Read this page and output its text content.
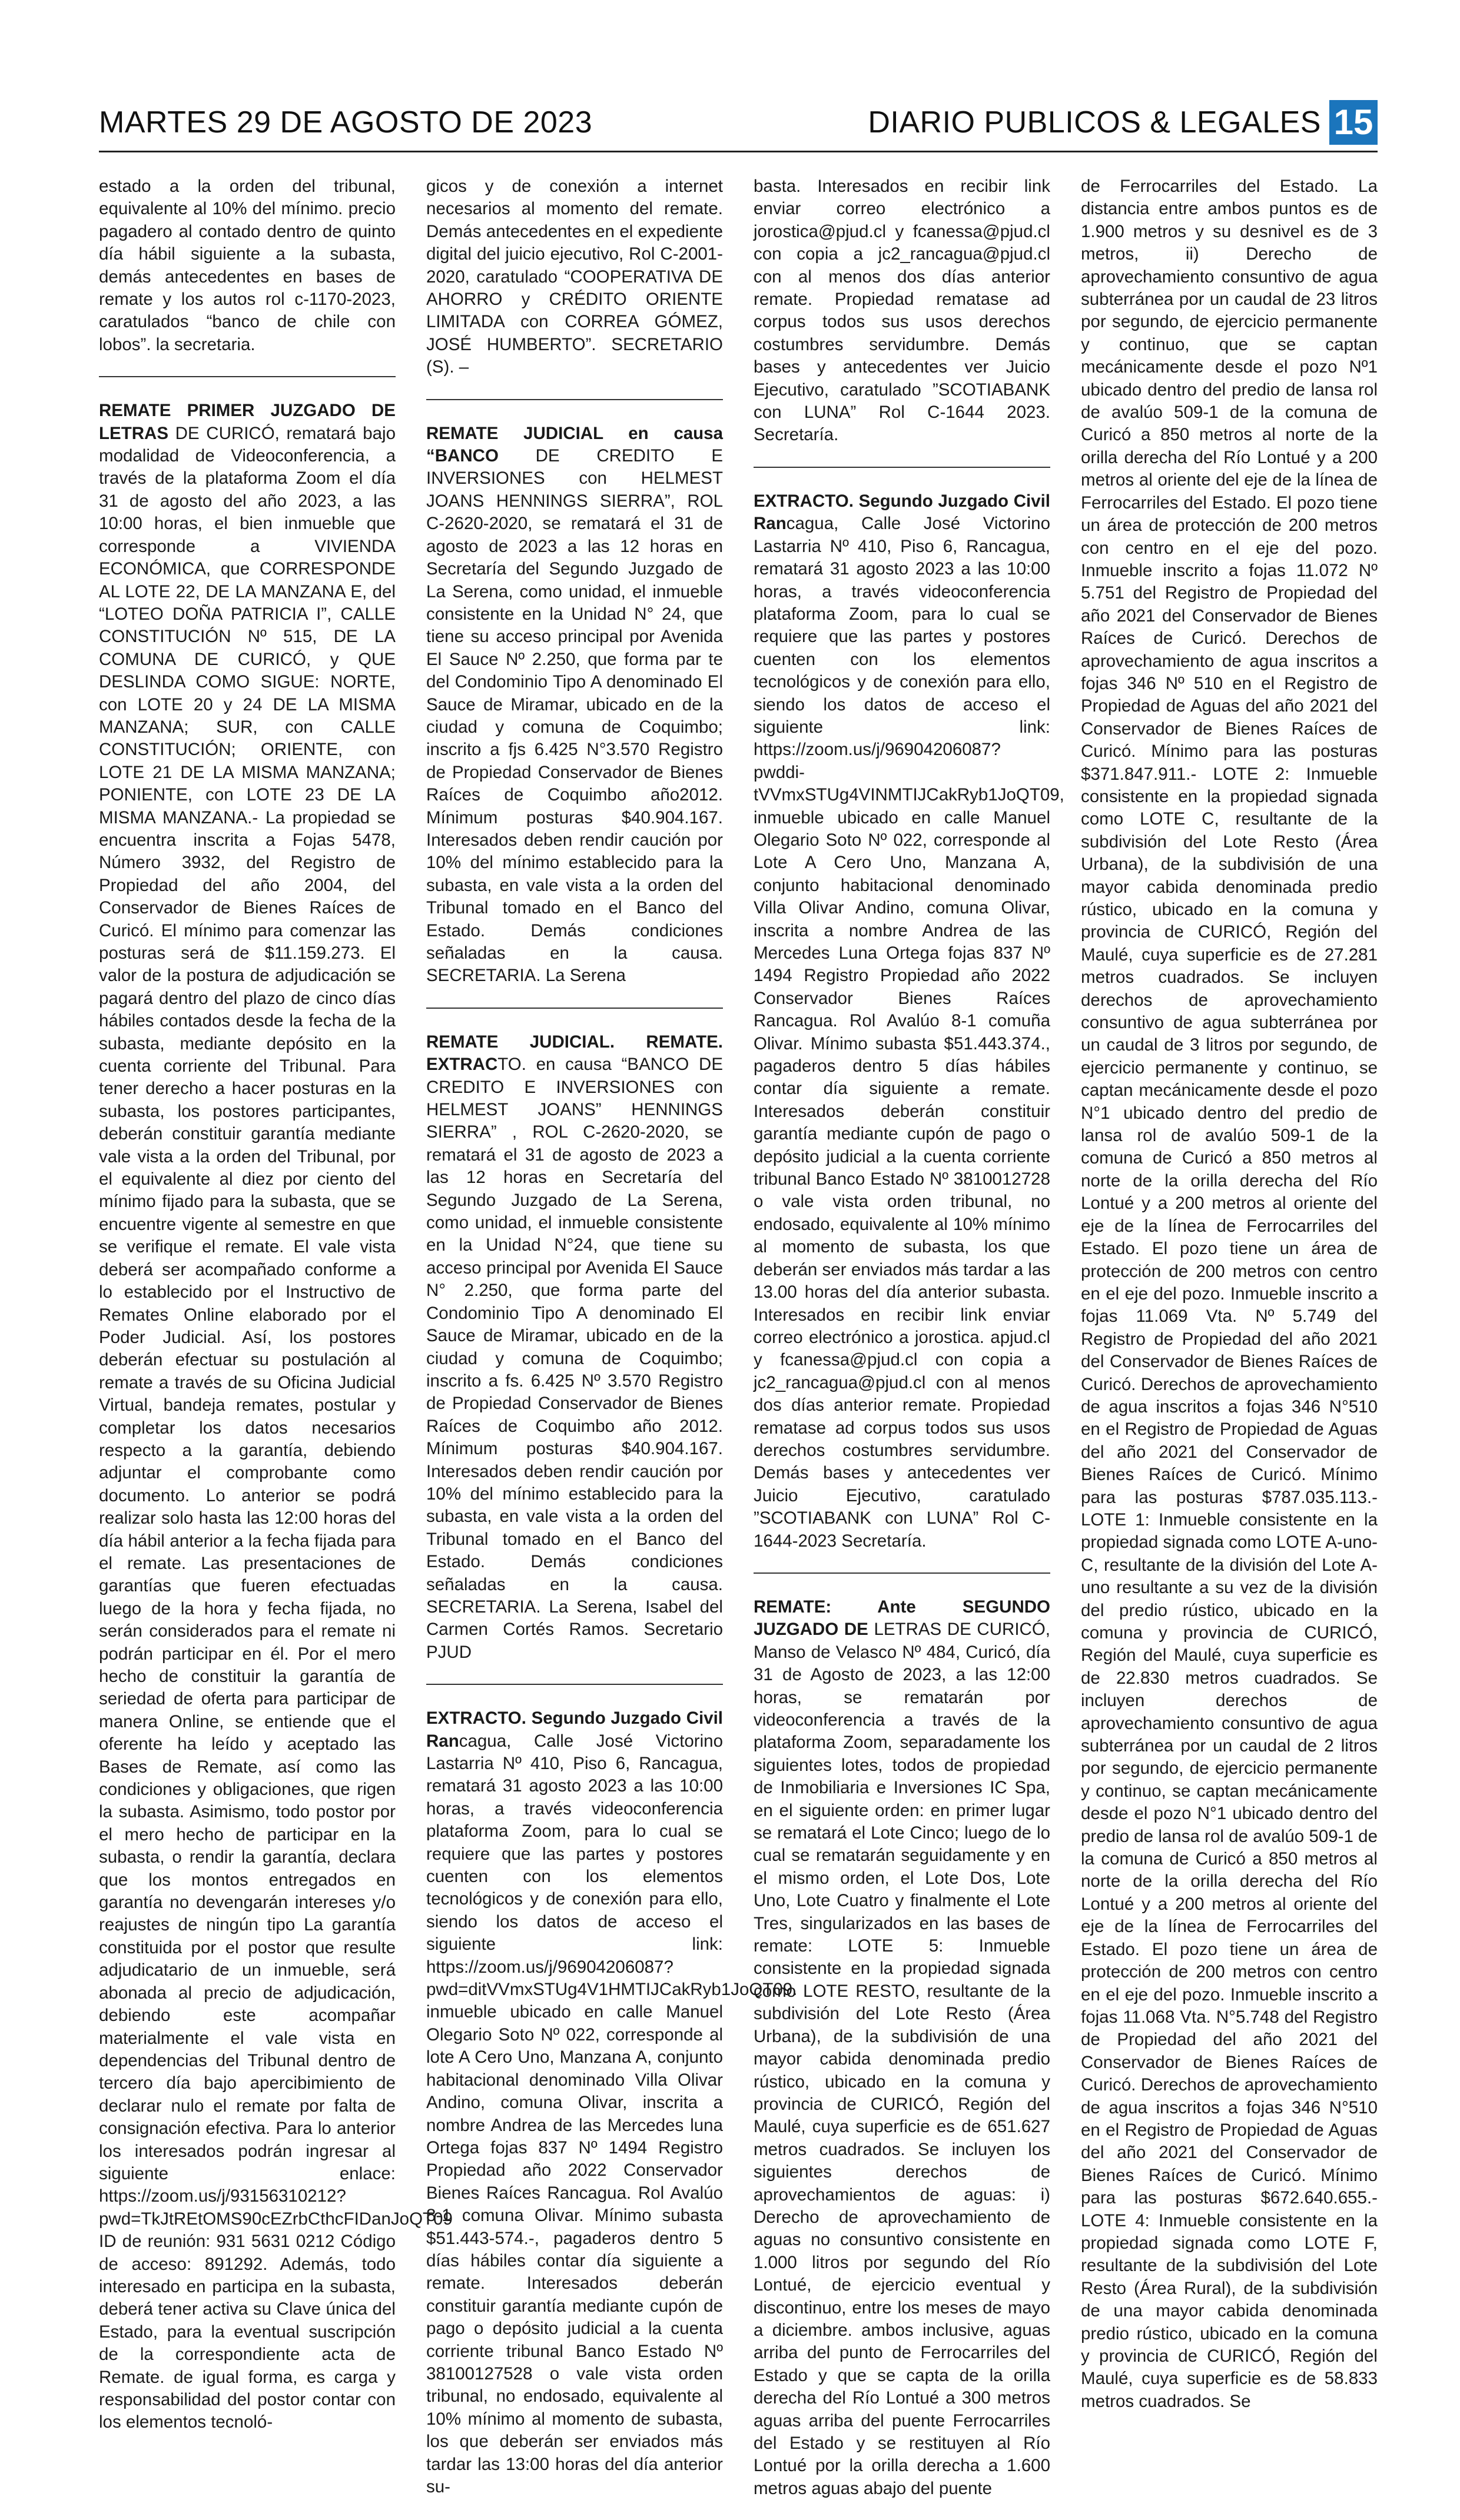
MARTES 29 DE AGOSTO DE 2023	DIARIO PUBLICOS & LEGALES 15

estado a la orden del tribunal, equivalente al 10% del mínimo. precio pagadero al contado dentro de quinto día hábil siguiente a la subasta, demás antecedentes en bases de remate y los autos rol c-1170-2023, caratulados “banco de chile con lobos”. la secretaria.

REMATE PRIMER JUZGADO DE LETRAS DE CURICÓ, rematará bajo modalidad de Videoconferencia, a través de la plataforma Zoom el día 31 de agosto del año 2023, a las 10:00 horas, el bien inmueble que corresponde a VIVIENDA ECONÓMICA, que CORRESPONDE AL LOTE 22, DE LA MANZANA E, del “LOTEO DOÑA PATRICIA I”, CALLE CONSTITUCIÓN Nº 515, DE LA COMUNA DE CURICÓ, y QUE DESLINDA COMO SIGUE: NORTE, con LOTE 20 y 24 DE LA MISMA MANZANA; SUR, con CALLE CONSTITUCIÓN; ORIENTE, con LOTE 21 DE LA MISMA MANZANA; PONIENTE, con LOTE 23 DE LA MISMA MANZANA.- La propiedad se encuentra inscrita a Fojas 5478, Número 3932, del Registro de Propiedad del año 2004, del Conservador de Bienes Raíces de Curicó. El mínimo para comenzar las posturas será de $11.159.273. El valor de la postura de adjudicación se pagará dentro del plazo de cinco días hábiles contados desde la fecha de la subasta, mediante depósito en la cuenta corriente del Tribunal. Para tener derecho a hacer posturas en la subasta, los postores participantes, deberán constituir garantía mediante vale vista a la orden del Tribunal, por el equivalente al diez por ciento del mínimo fijado para la subasta, que se encuentre vigente al semestre en que se verifique el remate. El vale vista deberá ser acompañado conforme a lo establecido por el Instructivo de Remates Online elaborado por el Poder Judicial. Así, los postores deberán efectuar su postulación al remate a través de su Oficina Judicial Virtual, bandeja remates, postular y completar los datos necesarios respecto a la garantía, debiendo adjuntar el comprobante como documento. Lo anterior se podrá realizar solo hasta las 12:00 horas del día hábil anterior a la fecha fijada para el remate. Las presentaciones de garantías que fueren efectuadas luego de la hora y fecha fijada, no serán considerados para el remate ni podrán participar en él. Por el mero hecho de constituir la garantía de seriedad de oferta para participar de manera Online, se entiende que el oferente ha leído y aceptado las Bases de Remate, así como las condiciones y obligaciones, que rigen la subasta. Asimismo, todo postor por el mero hecho de participar en la subasta, o rendir la garantía, declara que los montos entregados en garantía no devengarán intereses y/o reajustes de ningún tipo La garantía constituida por el postor que resulte adjudicatario de un inmueble, será abonada al precio de adjudicación, debiendo este acompañar materialmente el vale vista en dependencias del Tribunal dentro de tercero día bajo apercibimiento de declarar nulo el remate por falta de consignación efectiva. Para lo anterior los interesados podrán ingresar al siguiente enlace: https://zoom.us/j/93156310212?pwd=TkJtREtOMS90cEZrbCthcFIDanJoQT09 ID de reunión: 931 5631 0212 Código de acceso: 891292. Además, todo interesado en participa en la subasta, deberá tener activa su Clave única del Estado, para la eventual suscripción de la correspondiente acta de Remate. de igual forma, es carga y responsabilidad del postor contar con los elementos tecnoló-

gicos y de conexión a internet necesarios al momento del remate. Demás antecedentes en el expediente digital del juicio ejecutivo, Rol C-2001-2020, caratulado “COOPERATIVA DE AHORRO y CRÉDITO ORIENTE LIMITADA con CORREA GÓMEZ, JOSÉ HUMBERTO”. SECRETARIO (S). –

REMATE JUDICIAL en causa “BANCO DE CREDITO E INVERSIONES con HELMEST JOANS HENNINGS SIERRA”, ROL C-2620-2020, se rematará el 31 de agosto de 2023 a las 12 horas en Secretaría del Segundo Juzgado de La Serena, como unidad, el inmueble consistente en la Unidad N° 24, que tiene su acceso principal por Avenida El Sauce Nº 2.250, que forma par te del Condominio Tipo A denominado El Sauce de Miramar, ubicado en de la ciudad y comuna de Coquimbo; inscrito a fjs 6.425 N°3.570 Registro de Propiedad Conservador de Bienes Raíces de Coquimbo año2012. Mínimum posturas $40.904.167. Interesados deben rendir caución por 10% del mínimo establecido para la subasta, en vale vista a la orden del Tribunal tomado en el Banco del Estado. Demás condiciones señaladas en la causa. SECRETARIA. La Serena

REMATE JUDICIAL. REMATE. EXTRACTO. en causa “BANCO DE CREDITO E INVERSIONES con HELMEST JOANS” HENNINGS SIERRA” , ROL C-2620-2020, se rematará el 31 de agosto de 2023 a las 12 horas en Secretaría del Segundo Juzgado de La Serena, como unidad, el inmueble consistente en la Unidad N°24, que tiene su acceso principal por Avenida El Sauce N° 2.250, que forma parte del Condominio Tipo A denominado El Sauce de Miramar, ubicado en de la ciudad y comuna de Coquimbo; inscrito a fs. 6.425 Nº 3.570 Registro de Propiedad Conservador de Bienes Raíces de Coquimbo año 2012. Mínimum posturas $40.904.167. Interesados deben rendir caución por 10% del mínimo establecido para la subasta, en vale vista a la orden del Tribunal tomado en el Banco del Estado. Demás condiciones señaladas en la causa. SECRETARIA. La Serena, Isabel del Carmen Cortés Ramos. Secretario PJUD

EXTRACTO. Segundo Juzgado Civil Rancagua, Calle José Victorino Lastarria Nº 410, Piso 6, Rancagua, rematará 31 agosto 2023 a las 10:00 horas, a través videoconferencia plataforma Zoom, para lo cual se requiere que las partes y postores cuenten con los elementos tecnológicos y de conexión para ello, siendo los datos de acceso el siguiente link: https://zoom.us/j/96904206087?pwd=ditVVmxSTUg4V1HMTIJCakRyb1JoQT09. inmueble ubicado en calle Manuel Olegario Soto Nº 022, corresponde al lote A Cero Uno, Manzana A, conjunto habitacional denominado Villa Olivar Andino, comuna Olivar, inscrita a nombre Andrea de las Mercedes luna Ortega fojas 837 Nº 1494 Registro Propiedad año 2022 Conservador Bienes Raíces Rancagua. Rol Avalúo 8-1 comuna Olivar. Mínimo subasta $51.443-574.-, pagaderos dentro 5 días hábiles contar día siguiente a remate. Interesados deberán constituir garantía mediante cupón de pago o depósito judicial a la cuenta corriente tribunal Banco Estado Nº 38100127528 o vale vista orden tribunal, no endosado, equivalente al 10% mínimo al momento de subasta, los que deberán ser enviados más tardar las 13:00 horas del día anterior su-

basta. Interesados en recibir link enviar correo electrónico a jorostica@pjud.cl y fcanessa@pjud.cl con copia a jc2_rancagua@pjud.cl con al menos dos días anterior remate. Propiedad rematase ad corpus todos sus usos derechos costumbres servidumbre. Demás bases y antecedentes ver Juicio Ejecutivo, caratulado ”SCOTIABANK con LUNA” Rol C-1644 2023. Secretaría.

EXTRACTO. Segundo Juzgado Civil Rancagua, Calle José Victorino Lastarria Nº 410, Piso 6, Rancagua, rematará 31 agosto 2023 a las 10:00 horas, a través videoconferencia plataforma Zoom, para lo cual se requiere que las partes y postores cuenten con los elementos tecnológicos y de conexión para ello, siendo los datos de acceso el siguiente link: https://zoom.us/j/96904206087?pwddi-tVVmxSTUg4VINMTIJCakRyb1JoQT09, inmueble ubicado en calle Manuel Olegario Soto Nº 022, corresponde al Lote A Cero Uno, Manzana A, conjunto habitacional denominado Villa Olivar Andino, comuna Olivar, inscrita a nombre Andrea de las Mercedes Luna Ortega fojas 837 Nº 1494 Registro Propiedad año 2022 Conservador Bienes Raíces Rancagua. Rol Avalúo 8-1 comuña Olivar. Mínimo subasta $51.443.374., pagaderos dentro 5 días hábiles contar día siguiente a remate. Interesados deberán constituir garantía mediante cupón de pago o depósito judicial a la cuenta corriente tribunal Banco Estado Nº 3810012728 o vale vista orden tribunal, no endosado, equivalente al 10% mínimo al momento de subasta, los que deberán ser enviados más tardar a las 13.00 horas del día anterior subasta. Interesados en recibir link enviar correo electrónico a jorostica. apjud.cl y fcanessa@pjud.cl con copia a jc2_rancagua@pjud.cl con al menos dos días anterior remate. Propiedad rematase ad corpus todos sus usos derechos costumbres servidumbre. Demás bases y antecedentes ver Juicio Ejecutivo, caratulado ”SCOTIABANK con LUNA” Rol C-1644-2023 Secretaría.

REMATE: Ante SEGUNDO JUZGADO DE LETRAS DE CURICÓ, Manso de Velasco Nº 484, Curicó, día 31 de Agosto de 2023, a las 12:00 horas, se rematarán por videoconferencia a través de la plataforma Zoom, separadamente los siguientes lotes, todos de propiedad de Inmobiliaria e Inversiones IC Spa, en el siguiente orden: en primer lugar se rematará el Lote Cinco; luego de lo cual se rematarán seguidamente y en el mismo orden, el Lote Dos, Lote Uno, Lote Cuatro y finalmente el Lote Tres, singularizados en las bases de remate: LOTE 5: Inmueble consistente en la propiedad signada como LOTE RESTO, resultante de la subdivisión del Lote Resto (Área Urbana), de la subdivisión de una mayor cabida denominada predio rústico, ubicado en la comuna y provincia de CURICÓ, Región del Maulé, cuya superficie es de 651.627 metros cuadrados. Se incluyen los siguientes derechos de aprovechamientos de aguas: i) Derecho de aprovechamiento de aguas no consuntivo consistente en 1.000 litros por segundo del Río Lontué, de ejercicio eventual y discontinuo, entre los meses de mayo a diciembre. ambos inclusive, aguas arriba del punto de Ferrocarriles del Estado y que se capta de la orilla derecha del Río Lontué a 300 metros aguas arriba del puente Ferrocarriles del Estado y se restituyen al Río Lontué por la orilla derecha a 1.600 metros aguas abajo del puente

de Ferrocarriles del Estado. La distancia entre ambos puntos es de 1.900 metros y su desnivel es de 3 metros, ii) Derecho de aprovechamiento consuntivo de agua subterránea por un caudal de 23 litros por segundo, de ejercicio permanente y continuo, que se captan mecánicamente desde el pozo Nº1 ubicado dentro del predio de lansa rol de avalúo 509-1 de la comuna de Curicó a 850 metros al norte de la orilla derecha del Río Lontué y a 200 metros al oriente del eje de la línea de Ferrocarriles del Estado. El pozo tiene un área de protección de 200 metros con centro en el eje del pozo. Inmueble inscrito a fojas 11.072 Nº 5.751 del Registro de Propiedad del año 2021 del Conservador de Bienes Raíces de Curicó. Derechos de aprovechamiento de agua inscritos a fojas 346 Nº 510 en el Registro de Propiedad de Aguas del año 2021 del Conservador de Bienes Raíces de Curicó. Mínimo para las posturas $371.847.911.- LOTE 2: Inmueble consistente en la propiedad signada como LOTE C, resultante de la subdivisión del Lote Resto (Área Urbana), de la subdivisión de una mayor cabida denominada predio rústico, ubicado en la comuna y provincia de CURICÓ, Región del Maulé, cuya superficie es de 27.281 metros cuadrados. Se incluyen derechos de aprovechamiento consuntivo de agua subterránea por un caudal de 3 litros por segundo, de ejercicio permanente y continuo, se captan mecánicamente desde el pozo N°1 ubicado dentro del predio de lansa rol de avalúo 509-1 de la comuna de Curicó a 850 metros al norte de la orilla derecha del Río Lontué y a 200 metros al oriente del eje de la línea de Ferrocarriles del Estado. El pozo tiene un área de protección de 200 metros con centro en el eje del pozo. Inmueble inscrito a fojas 11.069 Vta. Nº 5.749 del Registro de Propiedad del año 2021 del Conservador de Bienes Raíces de Curicó. Derechos de aprovechamiento de agua inscritos a fojas 346 N°510 en el Registro de Propiedad de Aguas del año 2021 del Conservador de Bienes Raíces de Curicó. Mínimo para las posturas $787.035.113.- LOTE 1: Inmueble consistente en la propiedad signada como LOTE A-uno-C, resultante de la división del Lote A-uno resultante a su vez de la división del predio rústico, ubicado en la comuna y provincia de CURICÓ, Región del Maulé, cuya superficie es de 22.830 metros cuadrados. Se incluyen derechos de aprovechamiento consuntivo de agua subterránea por un caudal de 2 litros por segundo, de ejercicio permanente y continuo, se captan mecánicamente desde el pozo N°1 ubicado dentro del predio de lansa rol de avalúo 509-1 de la comuna de Curicó a 850 metros al norte de la orilla derecha del Río Lontué y a 200 metros al oriente del eje de la línea de Ferrocarriles del Estado. El pozo tiene un área de protección de 200 metros con centro en el eje del pozo. Inmueble inscrito a fojas 11.068 Vta. N°5.748 del Registro de Propiedad del año 2021 del Conservador de Bienes Raíces de Curicó. Derechos de aprovechamiento de agua inscritos a fojas 346 N°510 en el Registro de Propiedad de Aguas del año 2021 del Conservador de Bienes Raíces de Curicó. Mínimo para las posturas $672.640.655.- LOTE 4: Inmueble consistente en la propiedad signada como LOTE F, resultante de la subdivisión del Lote Resto (Área Rural), de la subdivisión de una mayor cabida denominada predio rústico, ubicado en la comuna y provincia de CURICÓ, Región del Maulé, cuya superficie es de 58.833 metros cuadrados. Se
